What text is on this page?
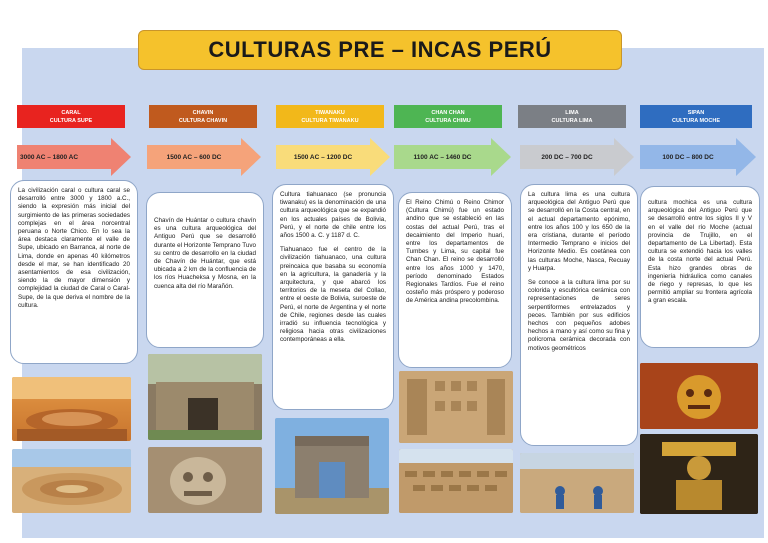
CULTURAS PRE – INCAS PERÚ
CARAL
CULTURA SUPE
CHAVIN
CULTURA CHAVIN
TIWANAKU
CULTURA TIWANAKU
CHAN CHAN
CULTURA CHIMU
LIMA
CULTURA LIMA
SIPAN
CULTURA MOCHE
3000 AC – 1800 AC	1500 AC – 600 DC	1500 AC – 1200 DC	1100 AC – 1460 DC	200 DC – 700 DC	100 DC – 800 DC

La civilización caral o cultura caral se desarrolló entre 3000 y 1800 a.C., siendo la expresión más inicial del surgimiento de las primeras sociedades complejas en el área norcentral peruana o Norte Chico. En lo sea la área destaca claramente el valle de Supe, ubicado en Barranca, al norte de Lima, donde en apenas 40 kilómetros desde el mar, se han identificado 20 asentamientos de esa civilización, siendo la de mayor dimensión y complejidad la ciudad de Caral o Caral-Supe, de la que deriva el nombre de la cultura.

Chavín de Huántar o cultura chavín es una cultura arqueológica del Antiguo Perú que se desarrolló durante el Horizonte Temprano Tuvo su centro de desarrollo en la ciudad de Chavín de Huántar, que está ubicada a 2 km de la confluencia de los ríos Huacheksa y Mosna, en la cuenca alta del río Marañón.

Cultura tiahuanaco (se pronuncia tiwanaku) es la denominación de una cultura arqueológica que se expandió en los actuales países de Bolivia, Perú, y el norte de chile entre los años 1500 a. C. y 1187 d. C.

Tiahuanaco fue el centro de la civilización tiahuanaco, una cultura preincaica que basaba su economía en la agricultura, la ganadería y la arquitectura, y que abarcó los territorios de la meseta del Collao, entre el oeste de Bolivia, suroeste de Perú, el norte de Argentina y el norte de Chile, regiones desde las cuales irradió su influencia tecnológica y religiosa hacia otras civilizaciones contemporáneas a ella.

El Reino Chimú o Reino Chimor (Cultura Chimú) fue un estado andino que se estableció en las costas del actual Perú, tras el decaimiento del Imperio huari, entre los departamentos de Tumbes y Lima, su capital fue Chan Chan. El reino se desarrolló entre los años 1000 y 1470, período denominado Estados Regionales Tardíos. Fue el reino costeño más próspero y poderoso de América andina precolombina.

La cultura lima es una cultura arqueológica del Antiguo Perú que se desarrolló en la Costa central, en el actual departamento epónimo, entre los años 100 y los 650 de la era cristiana, durante el período Intermedio Temprano e inicios del Horizonte Medio. Es coetánea con las culturas Moche, Nasca, Recuay y Huarpa.

Se conoce a la cultura lima por su colorida y escultórica cerámica con representaciones de seres serpentiformes entrelazados y peces. También por sus edificios hechos con pequeños adobes hechos a mano y así como su fina y polícroma cerámica decorada con motivos geométricos

cultura mochica es una cultura arqueológica del Antiguo Perú que se desarrolló entre los siglos II y V en el valle del río Moche (actual provincia de Trujillo, en el departamento de La Libertad). Esta cultura se extendió hacia los valles de la costa norte del actual Perú. Esta hizo grandes obras de ingeniería hidráulica como canales de riego y represas, lo que les permitió ampliar su frontera agrícola a gran escala.
